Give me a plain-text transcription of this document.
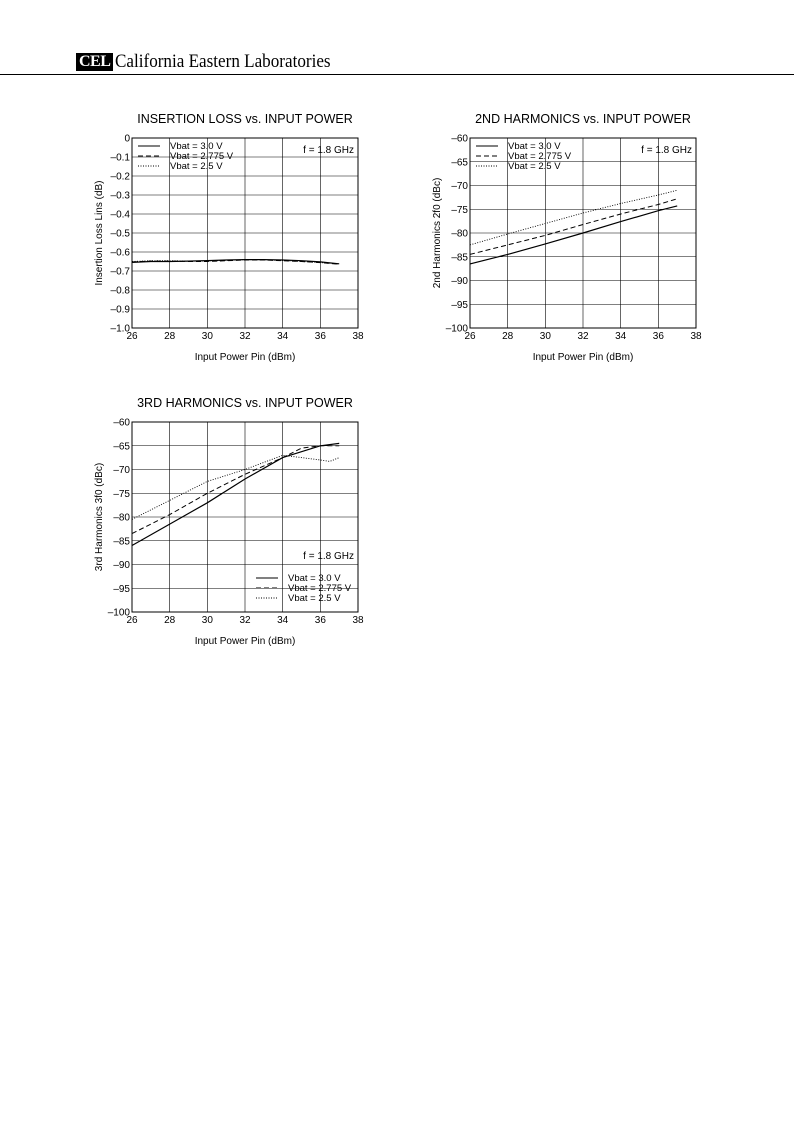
CEL California Eastern Laboratories
INSERTION LOSS vs. INPUT POWER
26	28	30	32	34	36	38
0
–0.1
–0.2
–0.3
–0.4
–0.5
–0.6
–0.7
–0.8
–0.9
–1.0
Input Power Pin (dBm)
Insertion Loss Lins (dB)
f = 1.8 GHz
Vbat = 3.0 V
Vbat = 2.775 V
Vbat = 2.5 V
2ND HARMONICS vs. INPUT POWER
26	28	30	32	34	36	38
–60
–65
–70
–75
–80
–85
–90
–95
–100
Input Power Pin (dBm)
2nd Harmonics 2f0 (dBc)
f = 1.8 GHz
Vbat = 3.0 V
Vbat = 2.775 V
Vbat = 2.5 V
3RD HARMONICS vs. INPUT POWER
26	28	30	32	34	36	38
–60
–65
–70
–75
–80
–85
–90
–95
–100
Input Power Pin (dBm)
3rd Harmonics 3f0 (dBc)	f = 1.8 GHz
Vbat = 3.0 V
Vbat = 2.775 V
Vbat = 2.5 V
